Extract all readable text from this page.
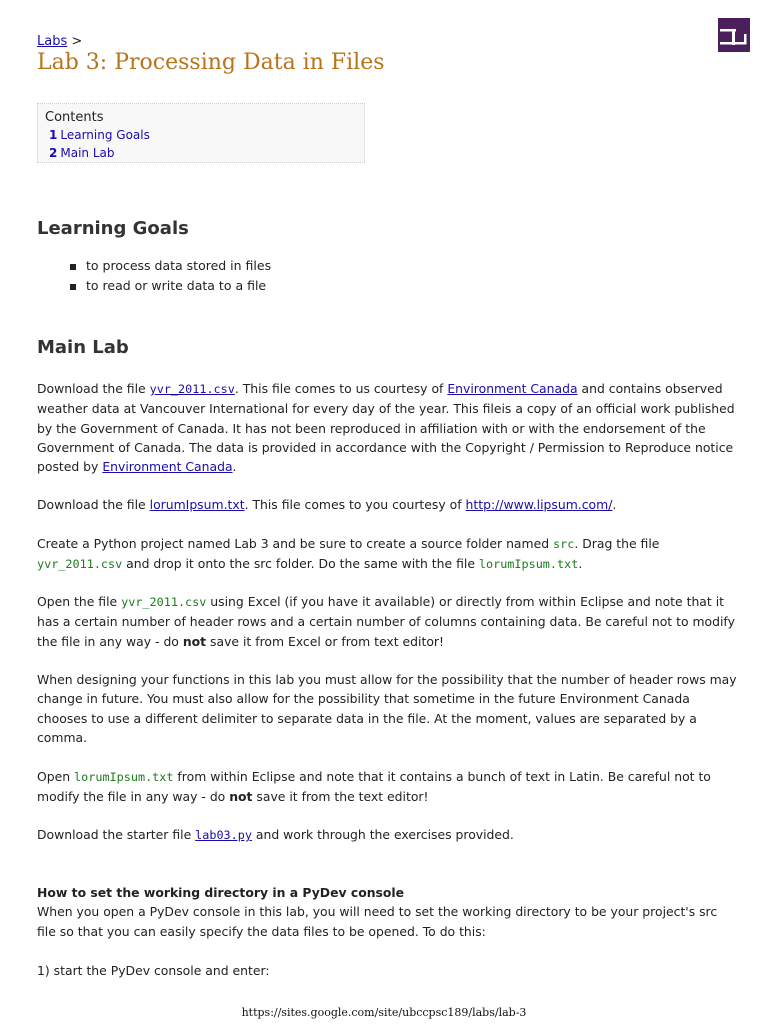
Labs >
Lab 3: Processing Data in Files
Contents
1 Learning Goals
2 Main Lab
Learning Goals
to process data stored in files
to read or write data to a file
Main Lab

Download the file yvr_2011.csv. This file comes to us courtesy of Environment Canada and contains observed weather data at Vancouver International for every day of the year. This fileis a copy of an official work published by the Government of Canada. It has not been reproduced in affiliation with or with the endorsement of the Government of Canada. The data is provided in accordance with the Copyright / Permission to Reproduce notice posted by Environment Canada.

Download the file lorumIpsum.txt. This file comes to you courtesy of http://www.lipsum.com/.

Create a Python project named Lab 3 and be sure to create a source folder named src. Drag the file yvr_2011.csv and drop it onto the src folder. Do the same with the file lorumIpsum.txt.

Open the file yvr_2011.csv using Excel (if you have it available) or directly from within Eclipse and note that it has a certain number of header rows and a certain number of columns containing data. Be careful not to modify the file in any way - do not save it from Excel or from text editor!

When designing your functions in this lab you must allow for the possibility that the number of header rows may change in future. You must also allow for the possibility that sometime in the future Environment Canada chooses to use a different delimiter to separate data in the file. At the moment, values are separated by a comma.

Open lorumIpsum.txt from within Eclipse and note that it contains a bunch of text in Latin. Be careful not to modify the file in any way - do not save it from the text editor!

Download the starter file lab03.py and work through the exercises provided.

How to set the working directory in a PyDev console
When you open a PyDev console in this lab, you will need to set the working directory to be your project's src file so that you can easily specify the data files to be opened. To do this:

1) start the PyDev console and enter:

https://sites.google.com/site/ubccpsc189/labs/lab-3
